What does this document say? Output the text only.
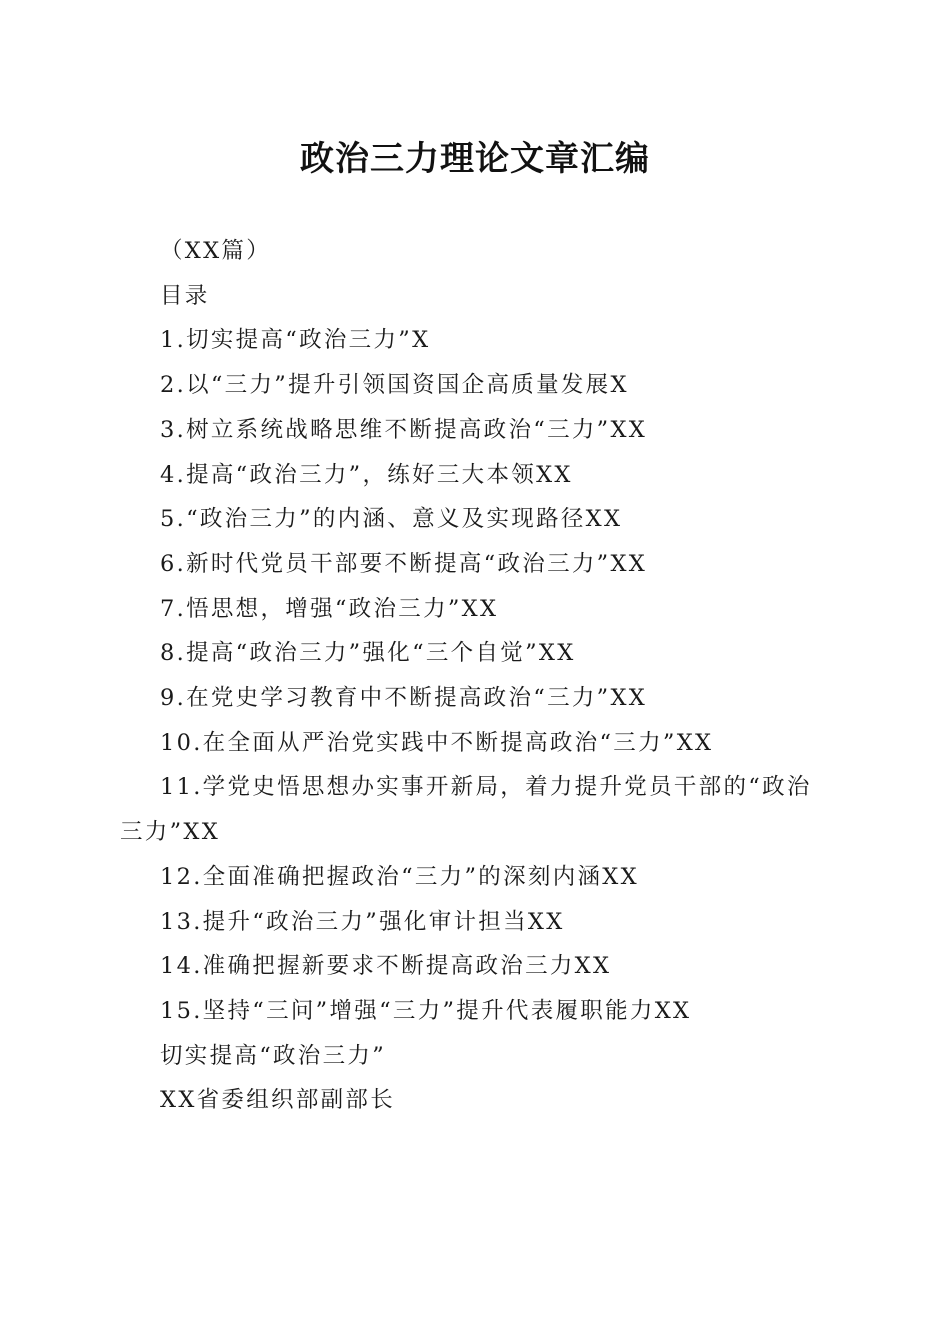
政治三力理论文章汇编

（XX篇）

目录

1.切实提高“政治三力”X

2.以“三力”提升引领国资国企高质量发展X

3.树立系统战略思维不断提高政治“三力”XX

4.提高“政治三力”，练好三大本领XX

5.“政治三力”的内涵、意义及实现路径XX

6.新时代党员干部要不断提高“政治三力”XX

7.悟思想，增强“政治三力”XX

8.提高“政治三力”强化“三个自觉”XX

9.在党史学习教育中不断提高政治“三力”XX

10.在全面从严治党实践中不断提高政治“三力”XX

11.学党史悟思想办实事开新局，着力提升党员干部的“政治三力”XX

12.全面准确把握政治“三力”的深刻内涵XX

13.提升“政治三力”强化审计担当XX

14.准确把握新要求不断提高政治三力XX

15.坚持“三问”增强“三力”提升代表履职能力XX

切实提高“政治三力”

XX省委组织部副部长
